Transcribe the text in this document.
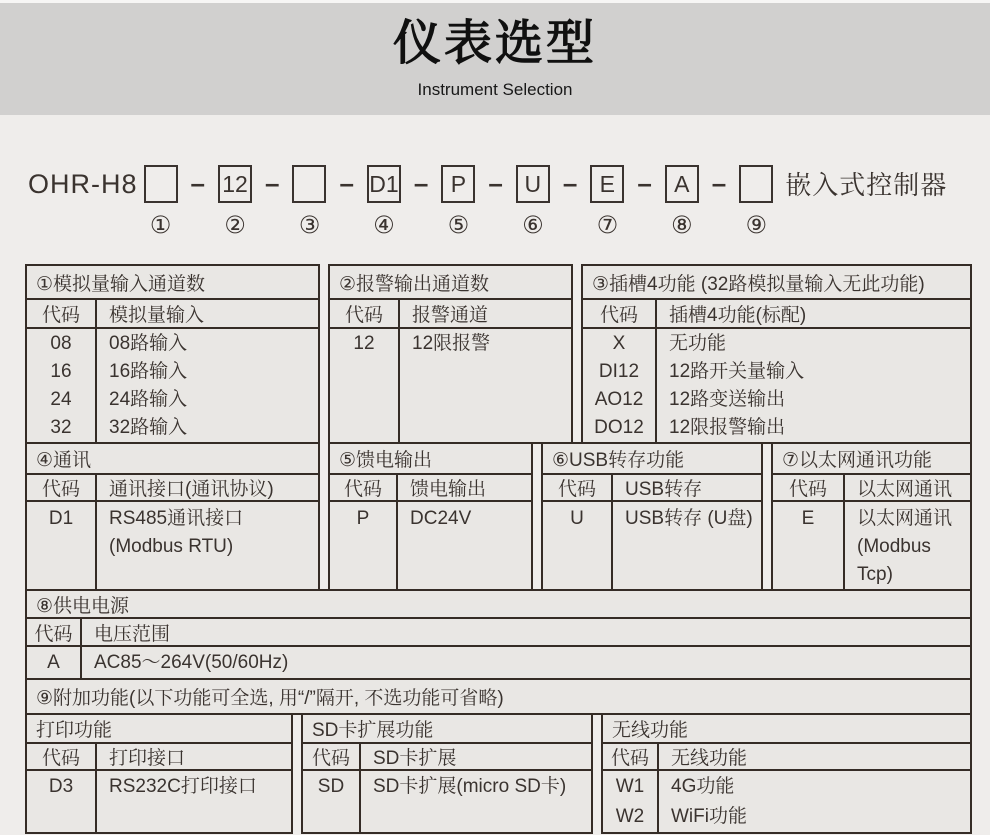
仪表选型
Instrument Selection
OHR-H8
①
– 12
②
–
③
– D1
④
– P
⑤
– U
⑥
– E
⑦
– A
⑧
–
⑨
嵌入式控制器
①模拟量输入通道数
代码
08
16
24
32
模拟量输入
08路输入
16路输入
24路输入
32路输入
②报警输出通道数
代码
12
报警通道
12限报警
③插槽4功能 (32路模拟量输入无此功能)
代码
X
DI12
AO12
DO12
插槽4功能(标配)
无功能
12路开关量输入
12路变送输出
12限报警输出
④通讯
代码
D1
通讯接口(通讯协议)
RS485通讯接口
(Modbus RTU)
⑤馈电输出
代码
P
馈电输出
DC24V
⑥USB转存功能
代码
U
USB转存
USB转存 (U盘)
⑦以太网通讯功能
代码
E
以太网通讯
以太网通讯
(Modbus Tcp)
⑧供电电源
代码
A
电压范围
AC85～264V(50/60Hz)
⑨附加功能(以下功能可全选, 用“/”隔开, 不选功能可省略)
打印功能
代码
D3
打印接口
RS232C打印接口
SD卡扩展功能
代码
SD
SD卡扩展
SD卡扩展(micro SD卡)
无线功能
代码
W1
W2
无线功能
4G功能
WiFi功能
